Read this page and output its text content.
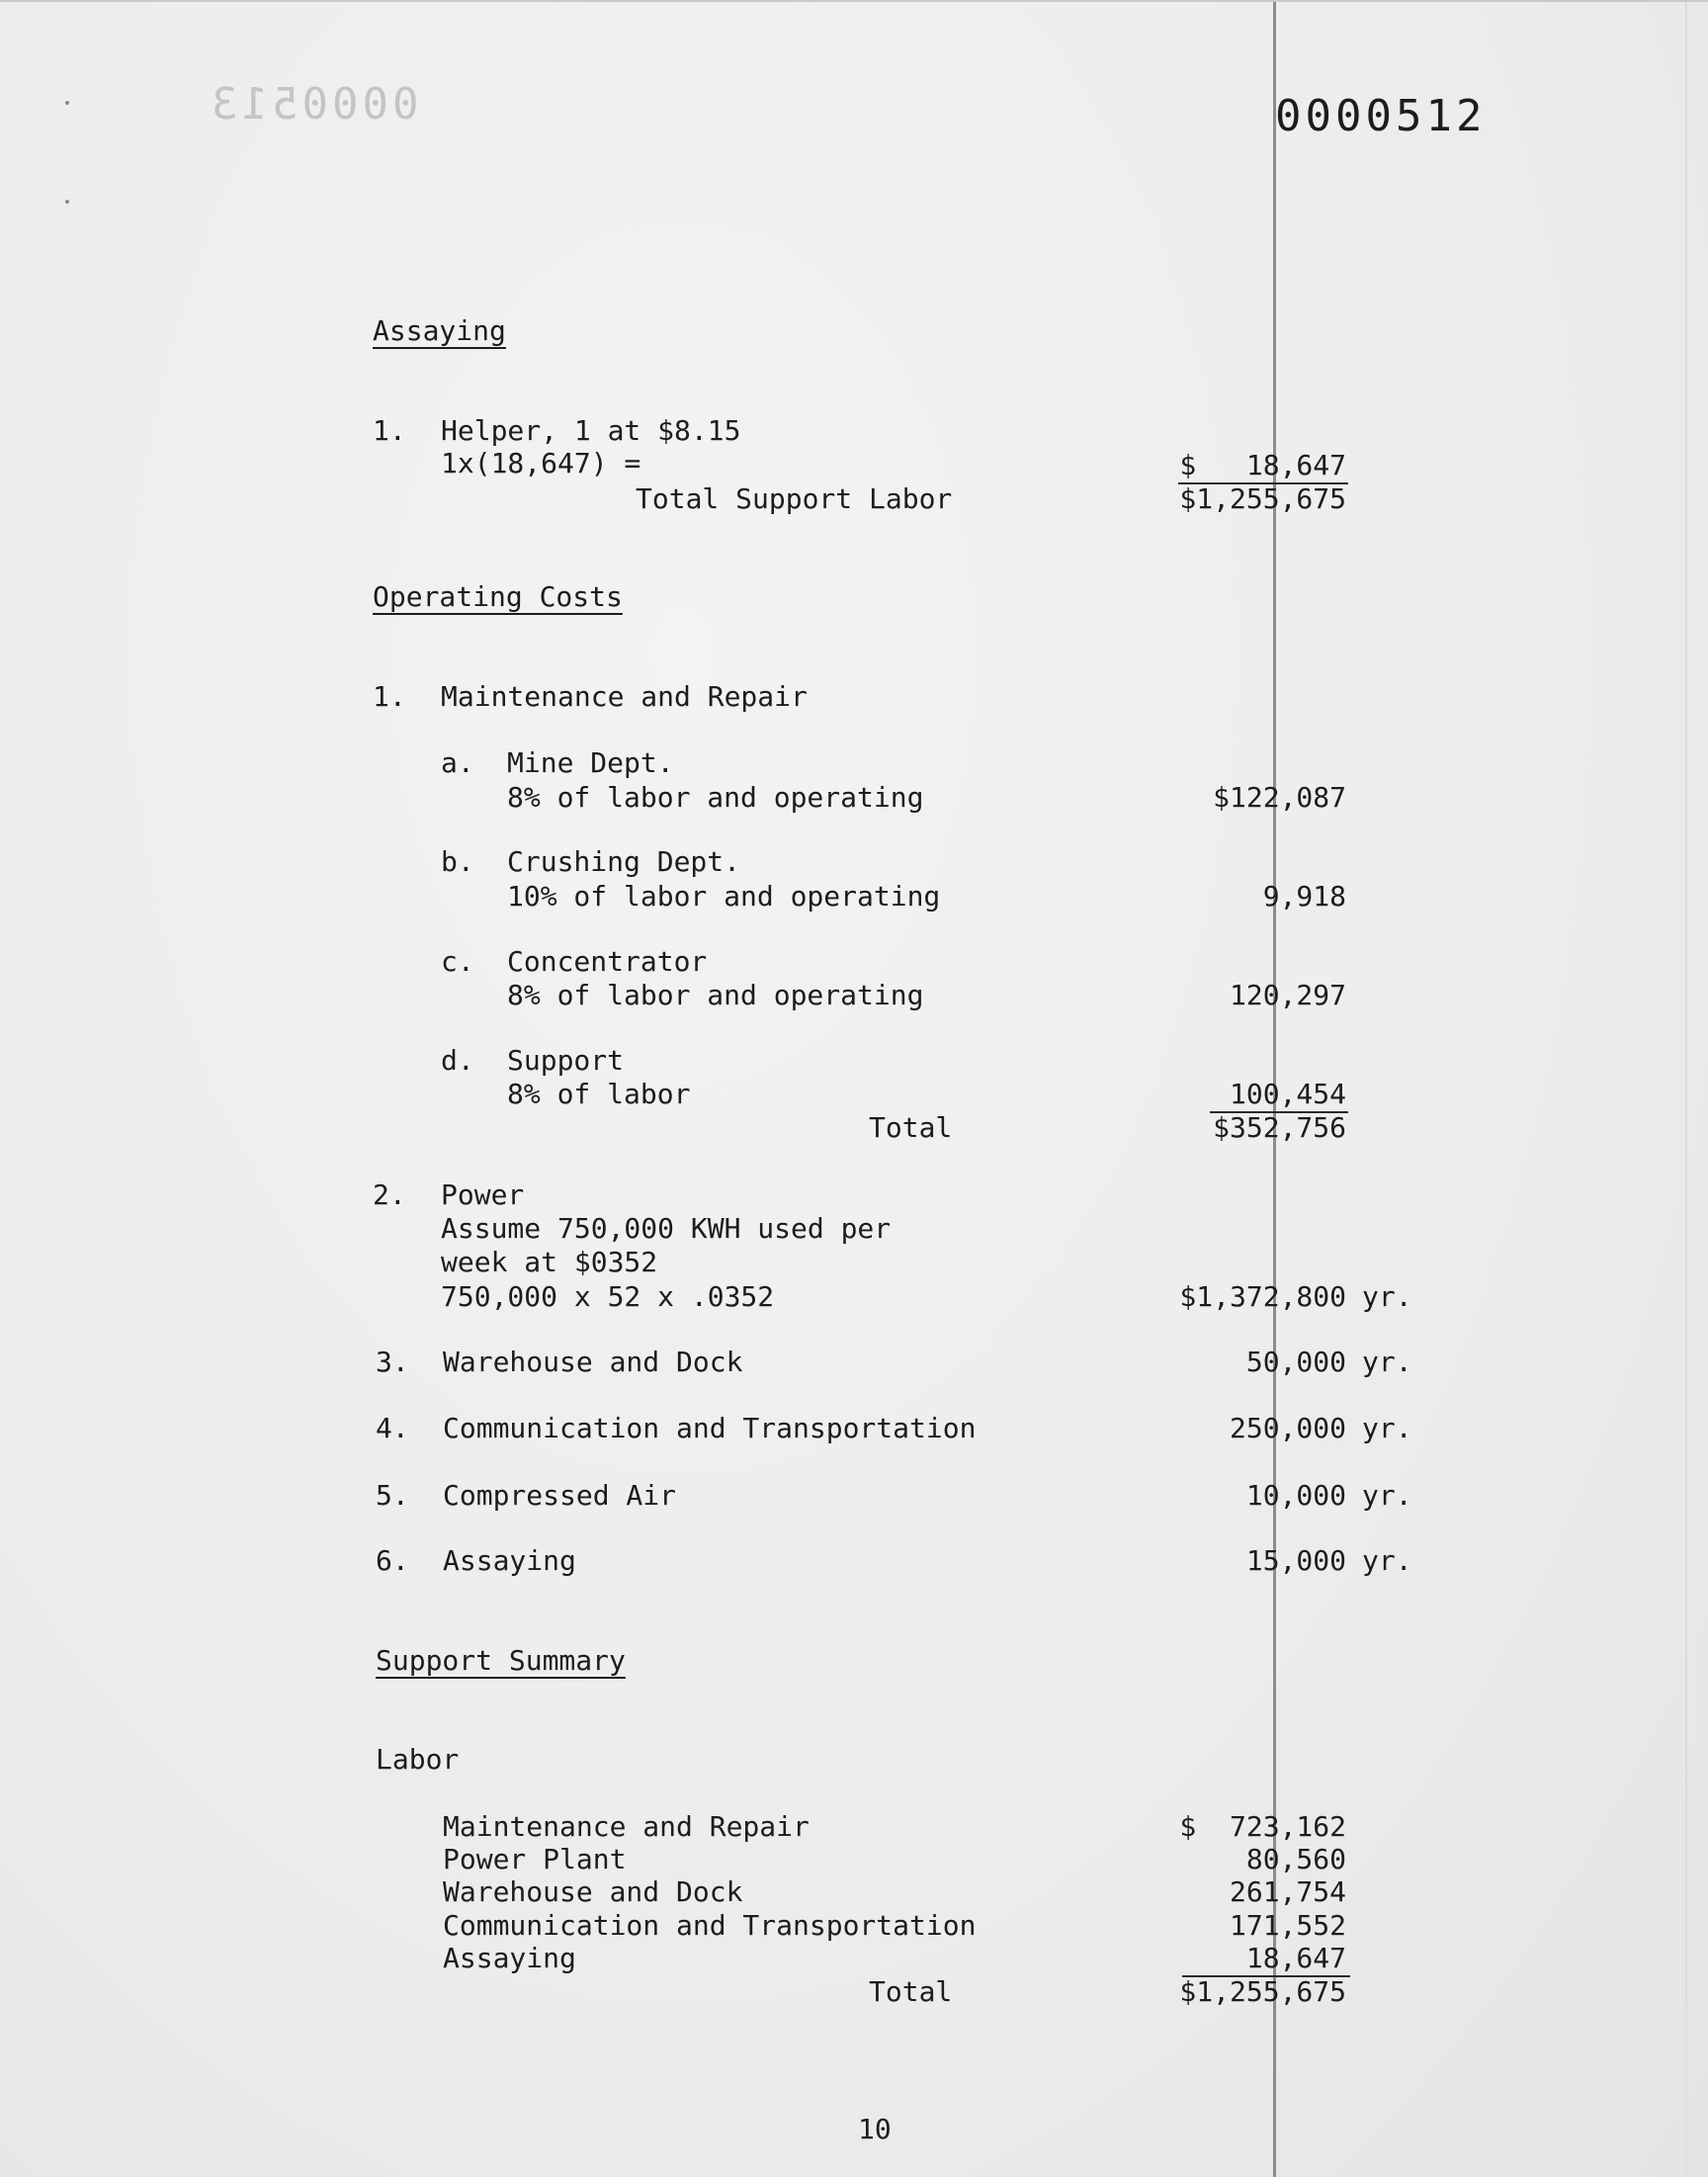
0000513	0000512
Assaying
1. Helper, 1 at $8.15
1x(18,647) =	$   18,647
Total Support Labor	$1,255,675
Operating Costs
1. Maintenance and Repair
a. Mine Dept.
8% of labor and operating	$122,087
b. Crushing Dept.
10% of labor and operating	9,918
c. Concentrator
8% of labor and operating	120,297
d. Support
8% of labor	100,454
Total	$352,756
2. Power
Assume 750,000 KWH used per
week at $0352
750,000 x 52 x .0352	$1,372,800 yr.
3. Warehouse and Dock	50,000 yr.
4. Communication and Transportation	250,000 yr.
5. Compressed Air	10,000 yr.
6. Assaying	15,000 yr.
Support Summary
Labor
Maintenance and Repair	$  723,162
Power Plant	80,560
Warehouse and Dock	261,754
Communication and Transportation	171,552
Assaying	18,647
Total	$1,255,675
10
